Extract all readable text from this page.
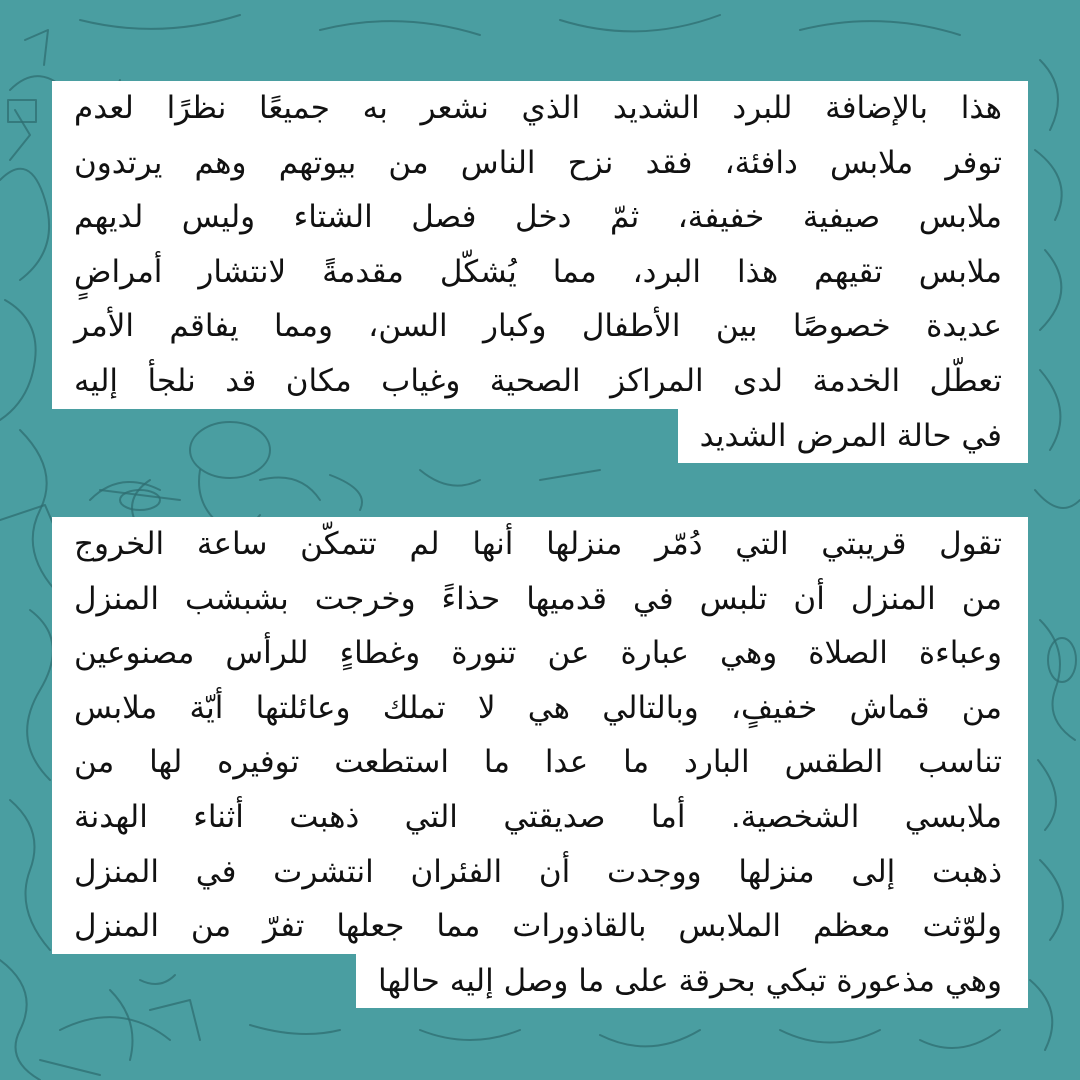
هذا بالإضافة للبرد الشديد الذي نشعر به جميعًا نظرًا لعدم
توفر ملابس دافئة، فقد نزح الناس من بيوتهم وهم يرتدون
ملابس صيفية خفيفة، ثمّ دخل فصل الشتاء وليس لديهم
ملابس تقيهم هذا البرد، مما يُشكّل مقدمةً لانتشار أمراضٍ
عديدة خصوصًا بين الأطفال وكبار السن، ومما يفاقم الأمر
تعطّل الخدمة لدى المراكز الصحية وغياب مكان قد نلجأ إليه
في حالة المرض الشديد
تقول قريبتي التي دُمّر منزلها أنها لم تتمكّن ساعة الخروج
من المنزل أن تلبس في قدميها حذاءً وخرجت بشبشب المنزل
وعباءة الصلاة وهي عبارة عن تنورة وغطاءٍ للرأس مصنوعين
من قماش خفيفٍ، وبالتالي هي لا تملك وعائلتها أيّة ملابس
تناسب الطقس البارد ما عدا ما استطعت توفيره لها من
ملابسي الشخصية. أما صديقتي التي ذهبت أثناء الهدنة
ذهبت إلى منزلها ووجدت أن الفئران انتشرت في المنزل
ولوّثت معظم الملابس بالقاذورات مما جعلها تفرّ من المنزل
وهي مذعورة تبكي بحرقة على ما وصل إليه حالها
